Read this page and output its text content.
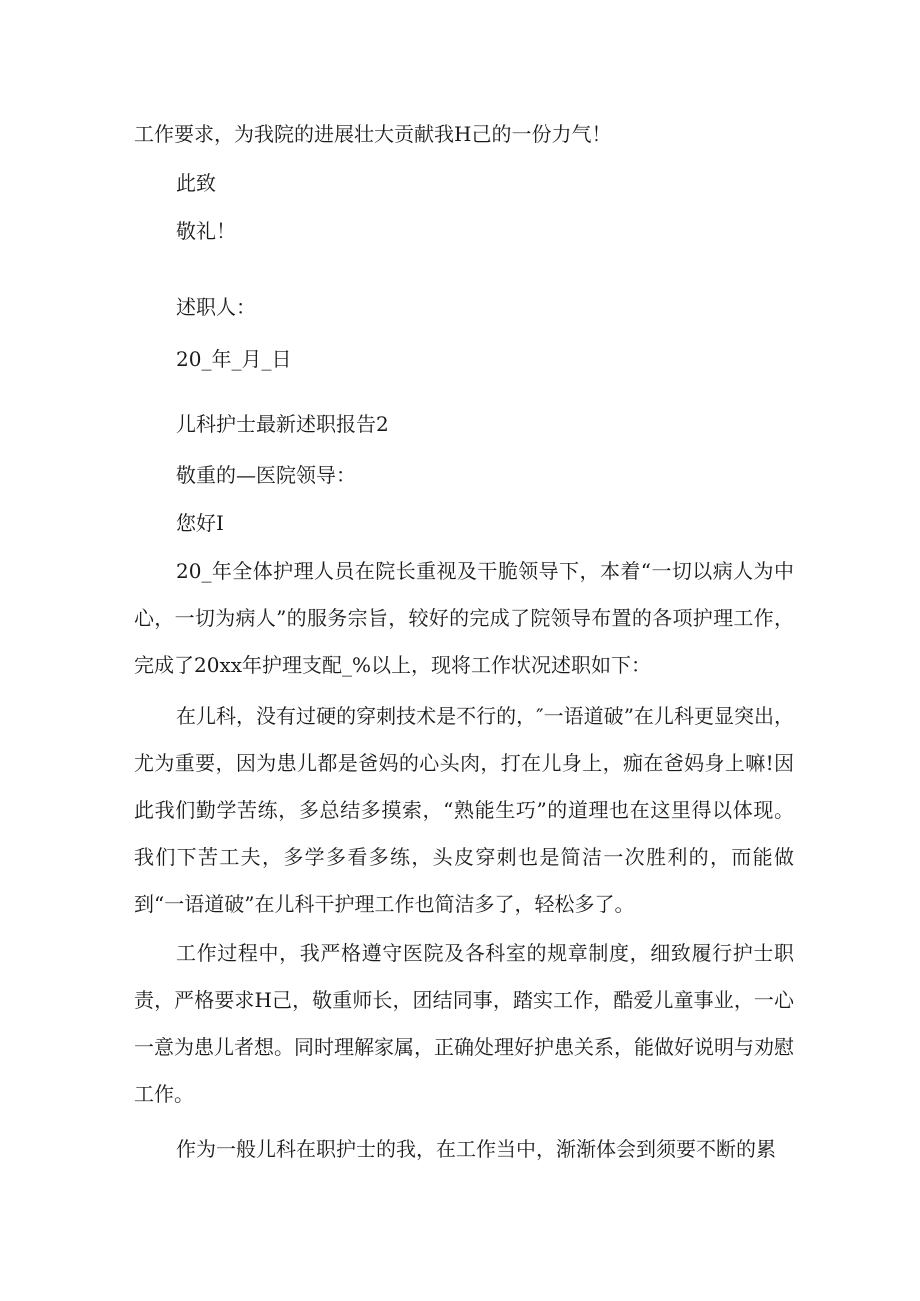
工作要求，为我院的进展壮大贡献我H己的一份力气！
此致
敬礼！
述职人：
20_年_月_日
儿科护士最新述职报告2
敬重的—医院领导：
您好I
20_年全体护理人员在院长重视及干脆领导下，本着“一切以病人为中心，一切为病人”的服务宗旨，较好的完成了院领导布置的各项护理工作，完成了20xx年护理支配_%以上，现将工作状况述职如下：
在儿科，没有过硬的穿刺技术是不行的，″一语道破”在儿科更显突出，尤为重要，因为患儿都是爸妈的心头肉，打在儿身上，痂在爸妈身上嘛!因此我们勤学苦练，多总结多摸索，“熟能生巧”的道理也在这里得以体现。我们下苦工夫，多学多看多练，头皮穿刺也是简洁一次胜利的，而能做到“一语道破”在儿科干护理工作也简洁多了，轻松多了。
工作过程中，我严格遵守医院及各科室的规章制度，细致履行护士职责，严格要求H己，敬重师长，团结同事，踏实工作，酷爱儿童事业，一心一意为患儿者想。同时理解家属，正确处理好护患关系，能做好说明与劝慰工作。
作为一般儿科在职护士的我，在工作当中，渐渐体会到须要不断的累
